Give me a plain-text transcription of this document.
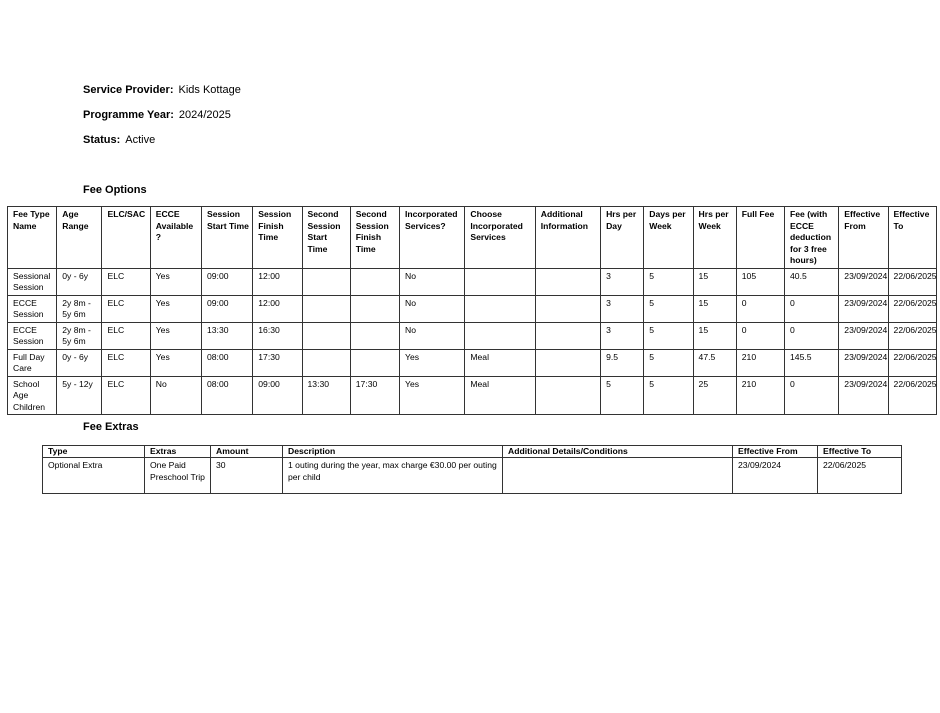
Service Provider: Kids Kottage
Programme Year: 2024/2025
Status: Active
Fee Options
Fee Type Name	Age Range	ELC/SAC	ECCE Available ?	Session Start Time	Session Finish Time	Second Session Start Time	Second Session Finish Time	Incorporated Services?	Choose Incorporated Services	Additional Information	Hrs per Day	Days per Week	Hrs per Week	Full Fee	Fee (with ECCE deduction for 3 free hours)	Effective From	Effective To
Sessional Session	0y - 6y	ELC	Yes	09:00	12:00			No			3	5	15	105	40.5	23/09/2024	22/06/2025
ECCE Session	2y 8m - 5y 6m	ELC	Yes	09:00	12:00			No			3	5	15	0	0	23/09/2024	22/06/2025
ECCE Session	2y 8m - 5y 6m	ELC	Yes	13:30	16:30			No			3	5	15	0	0	23/09/2024	22/06/2025
Full Day Care	0y - 6y	ELC	Yes	08:00	17:30			Yes	Meal		9.5	5	47.5	210	145.5	23/09/2024	22/06/2025
School Age Children	5y - 12y	ELC	No	08:00	09:00	13:30	17:30	Yes	Meal		5	5	25	210	0	23/09/2024	22/06/2025
Fee Extras
Type	Extras	Amount	Description	Additional Details/Conditions	Effective From	Effective To
Optional Extra	One Paid Preschool Trip	30	1 outing during the year, max charge €30.00 per outing per child		23/09/2024	22/06/2025
